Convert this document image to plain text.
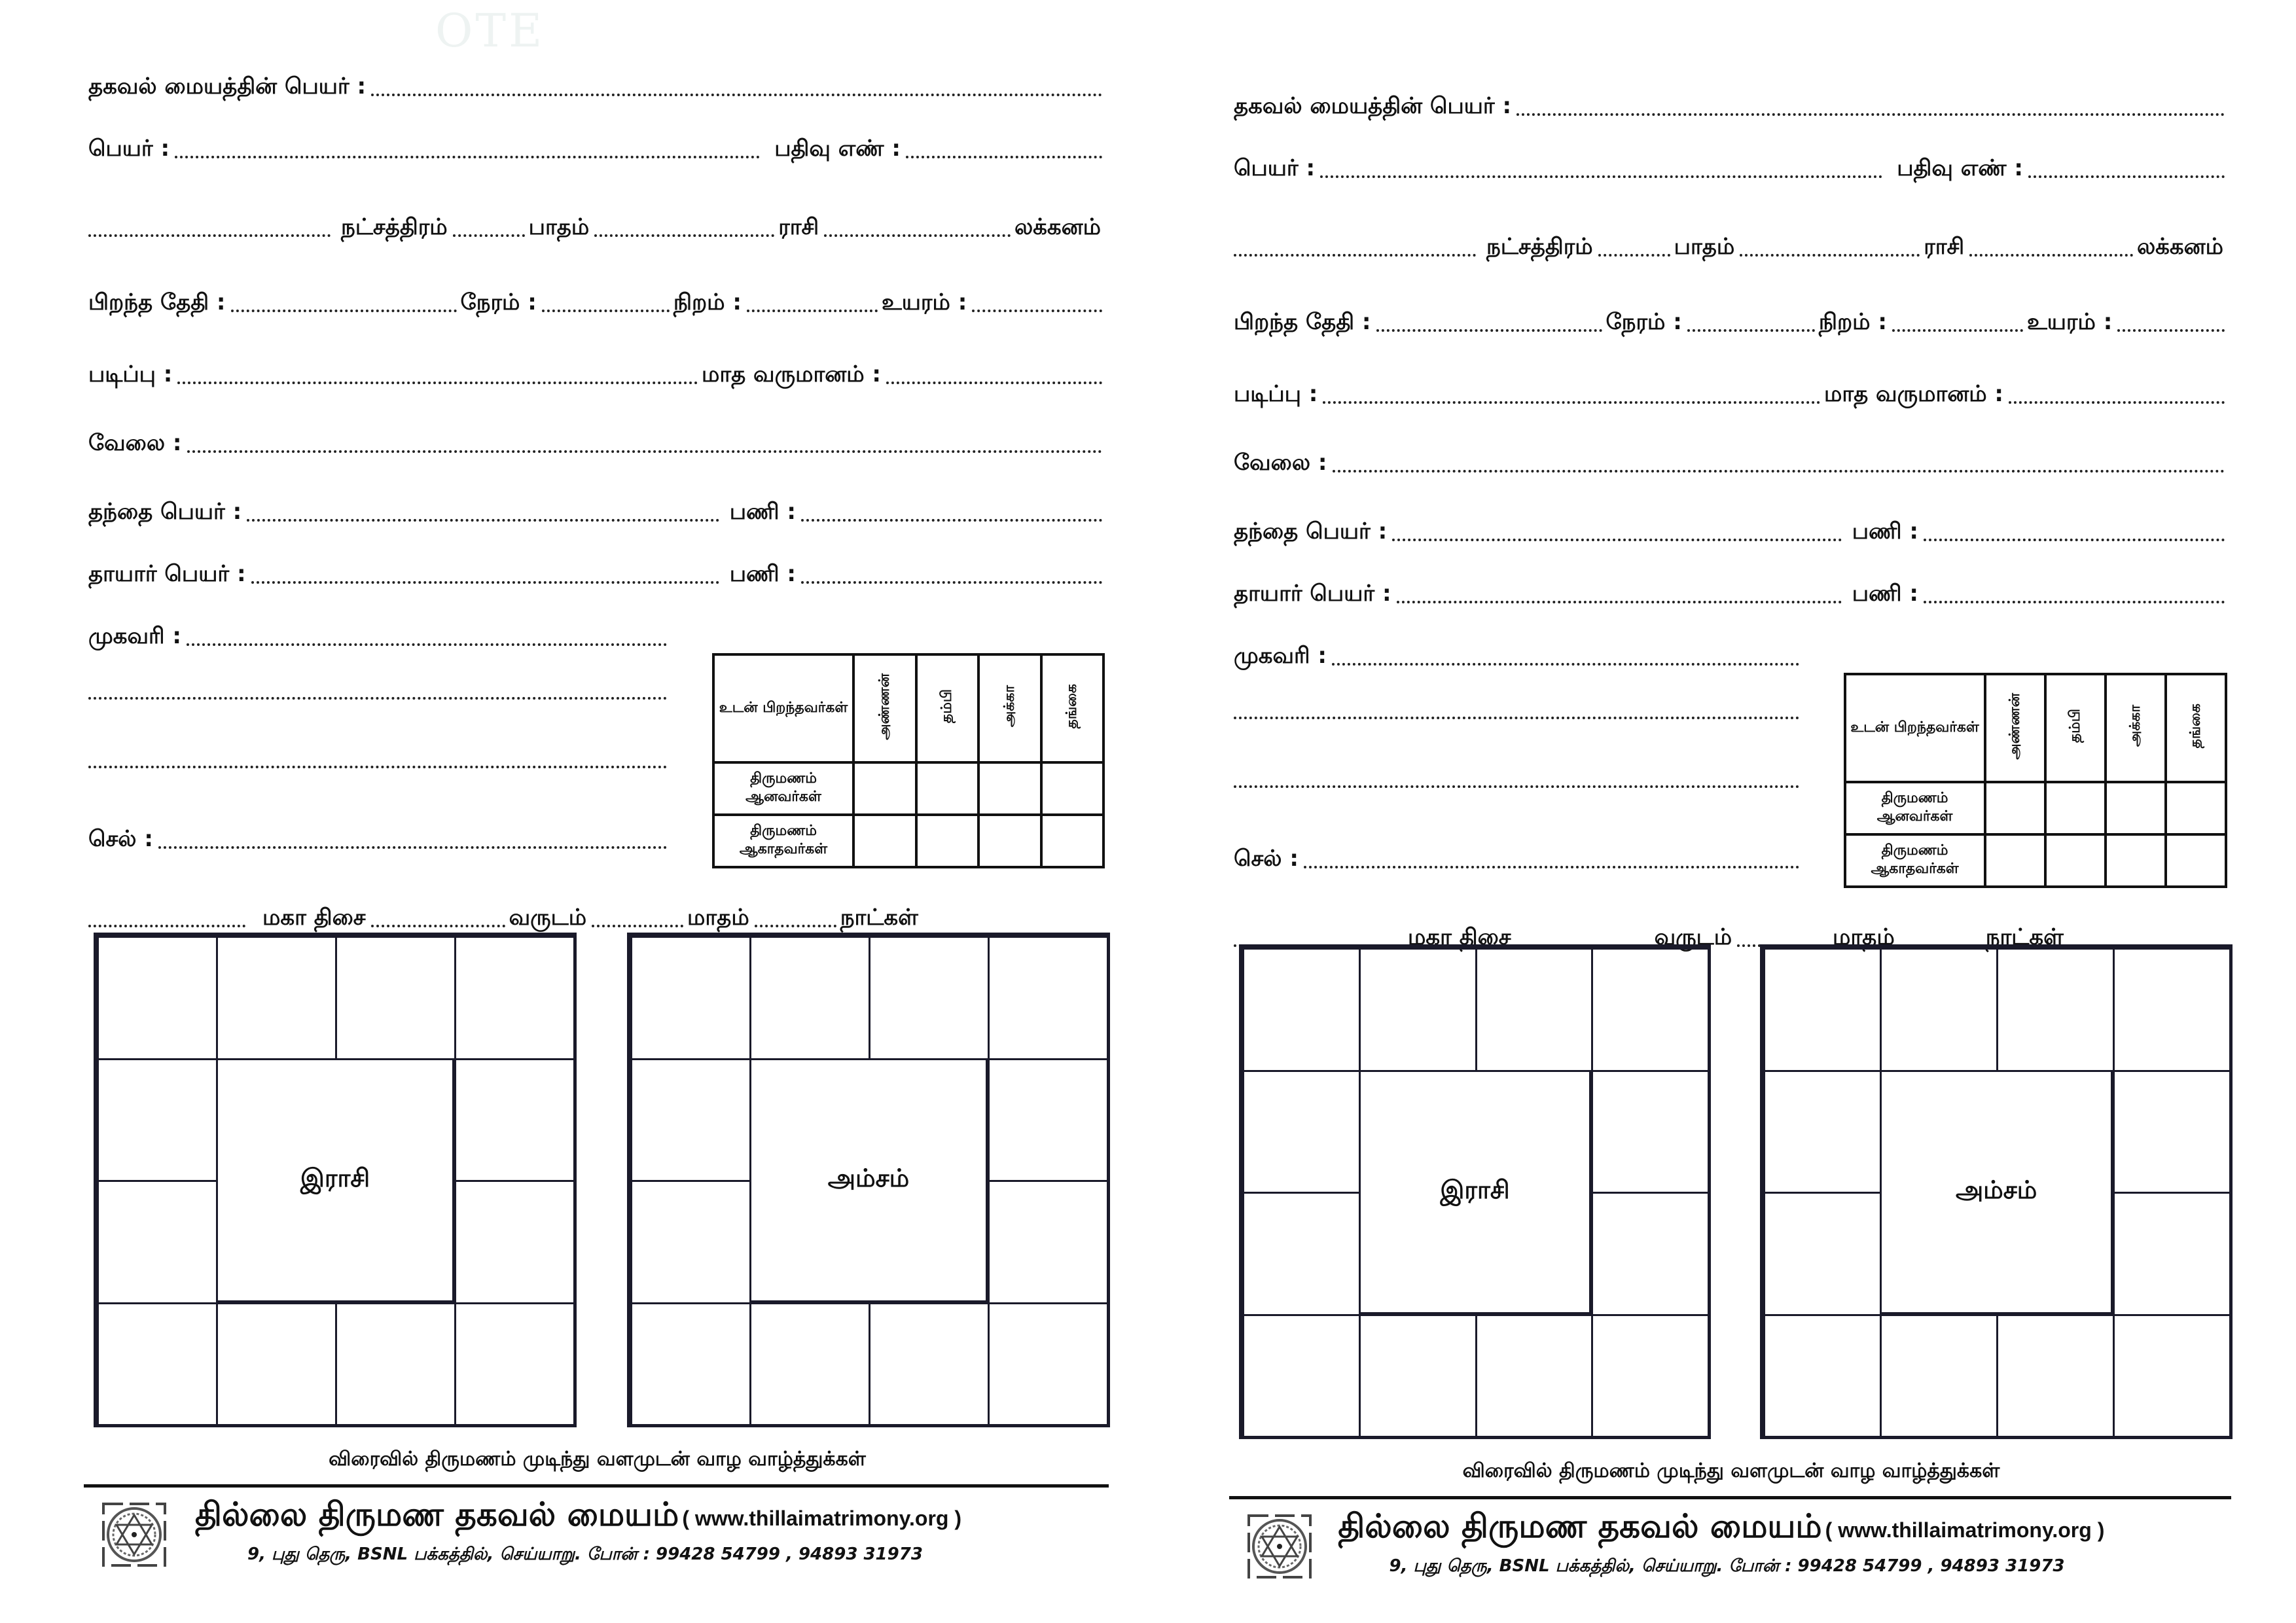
OTE
தகவல் மையத்தின் பெயர் :
பெயர் :	பதிவு எண் :
நட்சத்திரம்	பாதம்	ராசி	லக்கனம்
பிறந்த தேதி :	நேரம் :	நிறம் :	உயரம் :
படிப்பு :	மாத வருமானம் :
வேலை :
தந்தை பெயர் :	பணி :
தாயார் பெயர் :	பணி :
முகவரி :
செல் :
உடன் பிறந்தவர்கள்	அண்ணன்	தம்பி	அக்கா	தங்கை
திருமணம் ஆனவர்கள்				
திருமணம் ஆகாதவர்கள்				
மகா திசை	வருடம்	மாதம்	நாட்கள்
இராசி	அம்சம்
விரைவில் திருமணம் முடிந்து வளமுடன் வாழ வாழ்த்துக்கள்
தில்லை திருமண தகவல் மையம் ( www.thillaimatrimony.org )
9, புது தெரு, BSNL பக்கத்தில், செய்யாறு. போன் : 99428 54799 , 94893 31973
தகவல் மையத்தின் பெயர் :
பெயர் :	பதிவு எண் :
நட்சத்திரம்	பாதம்	ராசி	லக்கனம்
பிறந்த தேதி :	நேரம் :	நிறம் :	உயரம் :
படிப்பு :	மாத வருமானம் :
வேலை :
தந்தை பெயர் :	பணி :
தாயார் பெயர் :	பணி :
முகவரி :
செல் :
உடன் பிறந்தவர்கள்	அண்ணன்	தம்பி	அக்கா	தங்கை
திருமணம் ஆனவர்கள்				
திருமணம் ஆகாதவர்கள்				
மகா திசை	வருடம்	மாதம்	நாட்கள்
இராசி	அம்சம்
விரைவில் திருமணம் முடிந்து வளமுடன் வாழ வாழ்த்துக்கள்
தில்லை திருமண தகவல் மையம் ( www.thillaimatrimony.org )
9, புது தெரு, BSNL பக்கத்தில், செய்யாறு. போன் : 99428 54799 , 94893 31973
